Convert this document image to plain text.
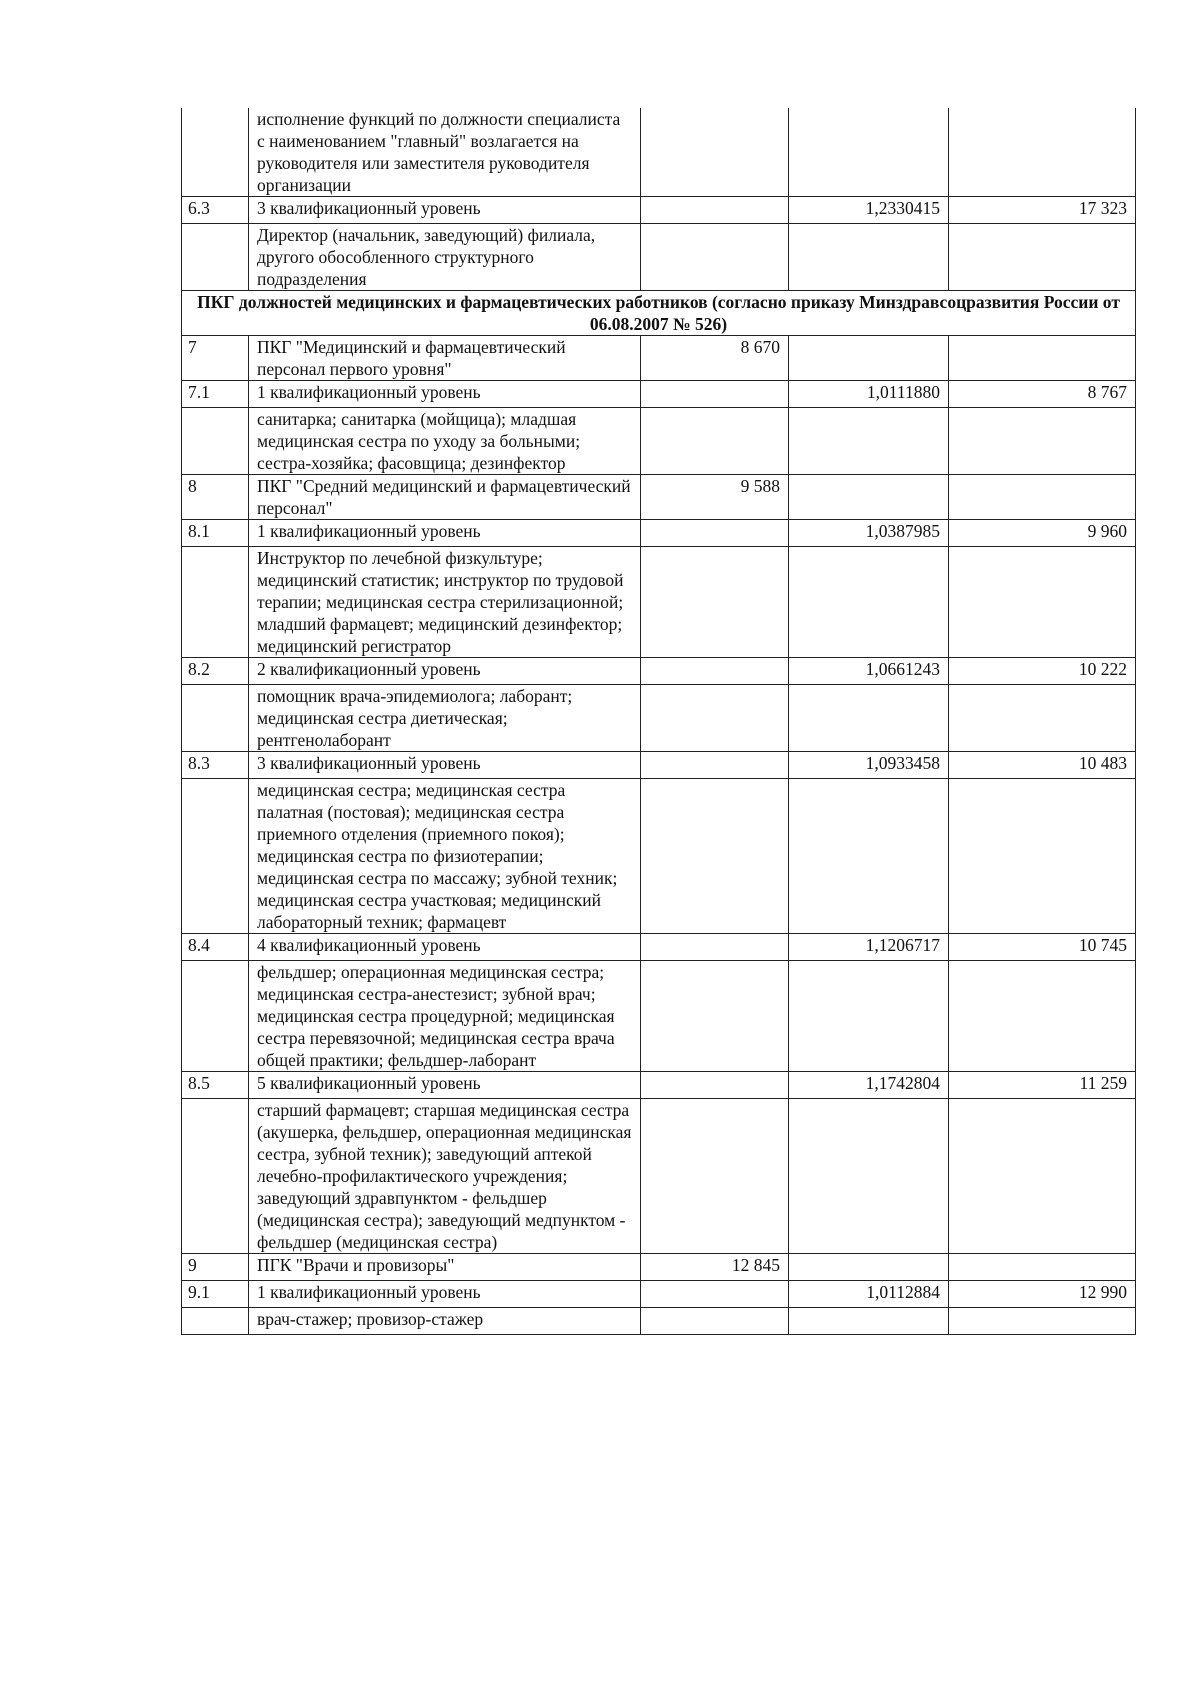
	исполнение функций по должности специалиста с наименованием "главный" возлагается на руководителя или заместителя руководителя организации			
6.3	3 квалификационный уровень		1,2330415	17 323
	Директор (начальник, заведующий) филиала, другого обособленного структурного подразделения			
ПКГ должностей медицинских и фармацевтических работников (согласно приказу Минздравсоцразвития России от 06.08.2007 № 526)				
7	ПКГ "Медицинский и фармацевтический персонал первого уровня"	8 670		
7.1	1 квалификационный уровень		1,0111880	8 767
	санитарка; санитарка (мойщица); младшая медицинская сестра по уходу за больными; сестра-хозяйка; фасовщица; дезинфектор			
8	ПКГ "Средний медицинский и фармацевтический персонал"	9 588		
8.1	1 квалификационный уровень		1,0387985	9 960
	Инструктор по лечебной физкультуре; медицинский статистик; инструктор по трудовой терапии; медицинская сестра стерилизационной; младший фармацевт; медицинский дезинфектор; медицинский регистратор			
8.2	2 квалификационный уровень		1,0661243	10 222
	помощник врача-эпидемиолога; лаборант; медицинская сестра диетическая; рентгенолаборант			
8.3	3 квалификационный уровень		1,0933458	10 483
	медицинская сестра; медицинская сестра палатная (постовая); медицинская сестра приемного отделения (приемного покоя); медицинская сестра по физиотерапии; медицинская сестра по массажу; зубной техник; медицинская сестра участковая; медицинский лабораторный техник; фармацевт			
8.4	4 квалификационный уровень		1,1206717	10 745
	фельдшер; операционная медицинская сестра; медицинская сестра-анестезист; зубной врач; медицинская сестра процедурной; медицинская сестра перевязочной; медицинская сестра врача общей практики; фельдшер-лаборант			
8.5	5 квалификационный уровень		1,1742804	11 259
	старший фармацевт; старшая медицинская сестра (акушерка, фельдшер, операционная медицинская сестра, зубной техник); заведующий аптекой лечебно-профилактического учреждения; заведующий здравпунктом - фельдшер (медицинская сестра); заведующий медпунктом - фельдшер (медицинская сестра)			
9	ПГК "Врачи и провизоры"	12 845		
9.1	1 квалификационный уровень		1,0112884	12 990
	врач-стажер; провизор-стажер			
